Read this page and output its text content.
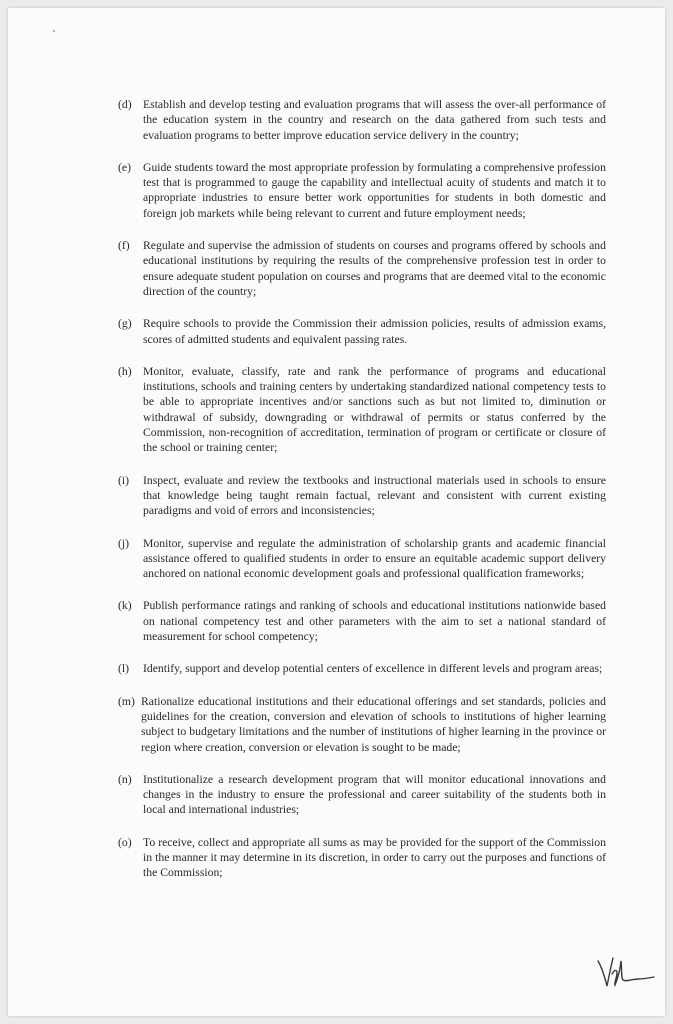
(d) Establish and develop testing and evaluation programs that will assess the over-all performance of the education system in the country and research on the data gathered from such tests and evaluation programs to better improve education service delivery in the country;
(e)	Guide students toward the most appropriate profession by formulating a comprehensive profession test that is programmed to gauge the capability and intellectual acuity of students and match it to appropriate industries to ensure better work opportunities for students in both domestic and foreign job markets while being relevant to current and future employment needs;
(f)	Regulate and supervise the admission of students on courses and programs offered by schools and educational institutions by requiring the results of the comprehensive profession test in order to ensure adequate student population on courses and programs that are deemed vital to the economic direction of the country;
(g) Require schools to provide the Commission their admission policies, results of admission exams, scores of admitted students and equivalent passing rates.
(h) Monitor, evaluate, classify, rate and rank the performance of programs and educational institutions, schools and training centers by undertaking standardized national competency tests to be able to appropriate incentives and/or sanctions such as but not limited to, diminution or withdrawal of subsidy, downgrading or withdrawal of permits or status conferred by the Commission, non-recognition of accreditation, termination of program or certificate or closure of the school or training center;
(i)	Inspect, evaluate and review the textbooks and instructional materials used in schools to ensure that knowledge being taught remain factual, relevant and consistent with current existing paradigms and void of errors and inconsistencies;
(j)	Monitor, supervise and regulate the administration of scholarship grants and academic financial assistance offered to qualified students in order to ensure an equitable academic support delivery anchored on national economic development goals and professional qualification frameworks;
(k) Publish performance ratings and ranking of schools and educational institutions nationwide based on national competency test and other parameters with the aim to set a national standard of measurement for school competency;
(l)	Identify, support and develop potential centers of excellence in different levels and program areas;
(m) Rationalize educational institutions and their educational offerings and set standards, policies and guidelines for the creation, conversion and elevation of schools to institutions of higher learning subject to budgetary limitations and the number of institutions of higher learning in the province or region where creation, conversion or elevation is sought to be made;
(n) Institutionalize a research development program that will monitor educational innovations and changes in the industry to ensure the professional and career suitability of the students both in local and international industries;
(o) To receive, collect and appropriate all sums as may be provided for the support of the Commission in the manner it may determine in its discretion, in order to carry out the purposes and functions of the Commission;
